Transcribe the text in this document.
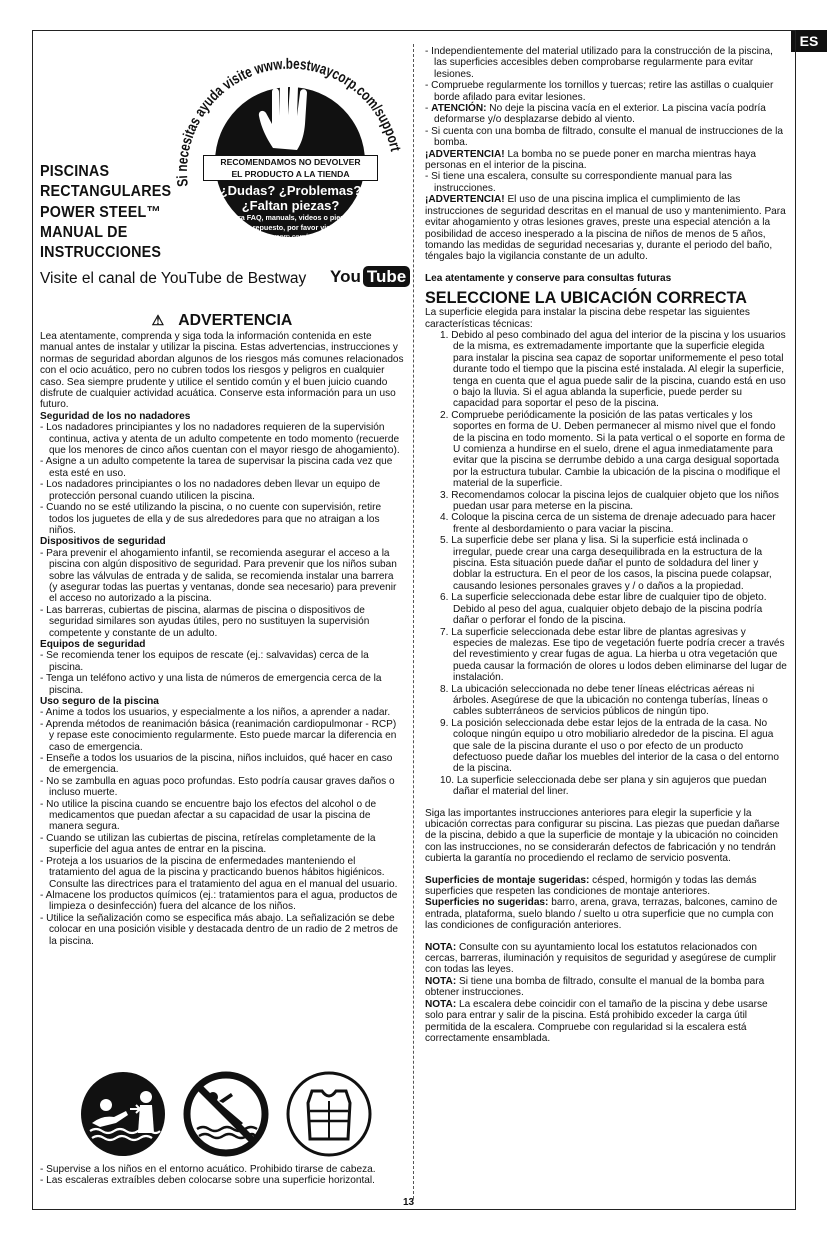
ES
PISCINAS
RECTANGULARES
POWER STEEL™
MANUAL DE
INSTRUCCIONES
Si necesitas ayuda visite www.bestwaycorp.com/support
RECOMENDAMOS NO DEVOLVER
EL PRODUCTO A LA TIENDA
¿Dudas? ¿Problemas?
¿Faltan piezas?
Para FAQ, manuals, videos o piezas
de repuesto, por favor visita
bestwaycorp.com/support
Visite el canal de YouTube de Bestway You Tube
⚠ ADVERTENCIA

Lea atentamente, comprenda y siga toda la información contenida en este manual antes de instalar y utilizar la piscina. Estas advertencias, instrucciones y normas de seguridad abordan algunos de los riesgos más comunes relacionados con el ocio acuático, pero no cubren todos los riesgos y peligros en cualquier caso. Sea siempre prudente y utilice el sentido común y el buen juicio cuando disfrute de cualquier actividad acuática. Conserve esta información para un uso futuro.

Seguridad de los no nadadores

- Los nadadores principiantes y los no nadadores requieren de la supervisión continua, activa y atenta de un adulto competente en todo momento (recuerde que los menores de cinco años cuentan con el mayor riesgo de ahogamiento).

- Asigne a un adulto competente la tarea de supervisar la piscina cada vez que esta esté en uso.

- Los nadadores principiantes o los no nadadores deben llevar un equipo de protección personal cuando utilicen la piscina.

- Cuando no se esté utilizando la piscina, o no cuente con supervisión, retire todos los juguetes de ella y de sus alrededores para que no atraigan a los niños.

Dispositivos de seguridad

- Para prevenir el ahogamiento infantil, se recomienda asegurar el acceso a la piscina con algún dispositivo de seguridad. Para prevenir que los niños suban sobre las válvulas de entrada y de salida, se recomienda instalar una barrera (y asegurar todas las puertas y ventanas, donde sea necesario) para prevenir el acceso no autorizado a la piscina.

- Las barreras, cubiertas de piscina, alarmas de piscina o dispositivos de seguridad similares son ayudas útiles, pero no sustituyen la supervisión competente y constante de un adulto.

Equipos de seguridad

- Se recomienda tener los equipos de rescate (ej.: salvavidas) cerca de la piscina.

- Tenga un teléfono activo y una lista de números de emergencia cerca de la piscina.

Uso seguro de la piscina

- Anime a todos los usuarios, y especialmente a los niños, a aprender a nadar.

- Aprenda métodos de reanimación básica (reanimación cardiopulmonar - RCP) y repase este conocimiento regularmente. Esto puede marcar la diferencia en caso de emergencia.

- Enseñe a todos los usuarios de la piscina, niños incluidos, qué hacer en caso de emergencia.

- No se zambulla en aguas poco profundas. Esto podría causar graves daños o incluso muerte.

- No utilice la piscina cuando se encuentre bajo los efectos del alcohol o de medicamentos que puedan afectar a su capacidad de usar la piscina de manera segura.

- Cuando se utilizan las cubiertas de piscina, retírelas completamente de la superficie del agua antes de entrar en la piscina.

- Proteja a los usuarios de la piscina de enfermedades manteniendo el tratamiento del agua de la piscina y practicando buenos hábitos higiénicos. Consulte las directrices para el tratamiento del agua en el manual del usuario.

- Almacene los productos químicos (ej.: tratamientos para el agua, productos de limpieza o desinfección) fuera del alcance de los niños.

- Utilice la señalización como se especifica más abajo. La señalización se debe colocar en una posición visible y destacada dentro de un radio de 2 metros de la piscina.

- Supervise a los niños en el entorno acuático. Prohibido tirarse de cabeza.

- Las escaleras extraíbles deben colocarse sobre una superficie horizontal.

- Independientemente del material utilizado para la construcción de la piscina, las superficies accesibles deben comprobarse regularmente para evitar lesiones.

- Compruebe regularmente los tornillos y tuercas; retire las astillas o cualquier borde afilado para evitar lesiones.

- ATENCIÓN: No deje la piscina vacía en el exterior. La piscina vacía podría deformarse y/o desplazarse debido al viento.

- Si cuenta con una bomba de filtrado, consulte el manual de instrucciones de la bomba.

¡ADVERTENCIA! La bomba no se puede poner en marcha mientras haya personas en el interior de la piscina.

- Si tiene una escalera, consulte su correspondiente manual para las instrucciones.

¡ADVERTENCIA! El uso de una piscina implica el cumplimiento de las instrucciones de seguridad descritas en el manual de uso y mantenimiento. Para evitar ahogamiento y otras lesiones graves, preste una especial atención a la posibilidad de acceso inesperado a la piscina de niños de menos de 5 años, tomando las medidas de seguridad necesarias y, durante el periodo del baño, téngales bajo la vigilancia constante de un adulto.

Lea atentamente y conserve para consultas futuras

SELECCIONE LA UBICACIÓN CORRECTA

La superficie elegida para instalar la piscina debe respetar las siguientes características técnicas:

1. Debido al peso combinado del agua del interior de la piscina y los usuarios de la misma, es extremadamente importante que la superficie elegida para instalar la piscina sea capaz de soportar uniformemente el peso total durante todo el tiempo que la piscina esté instalada. Al elegir la superficie, tenga en cuenta que el agua puede salir de la piscina, cuando está en uso o bajo la lluvia. Si el agua ablanda la superficie, puede perder su capacidad para soportar el peso de la piscina.

2. Compruebe periódicamente la posición de las patas verticales y los soportes en forma de U. Deben permanecer al mismo nivel que el fondo de la piscina en todo momento. Si la pata vertical o el soporte en forma de U comienza a hundirse en el suelo, drene el agua inmediatamente para evitar que la piscina se derrumbe debido a una carga desigual soportada por la estructura tubular. Cambie la ubicación de la piscina o modifique el material de la superficie.

3. Recomendamos colocar la piscina lejos de cualquier objeto que los niños puedan usar para meterse en la piscina.

4. Coloque la piscina cerca de un sistema de drenaje adecuado para hacer frente al desbordamiento o para vaciar la piscina.

5. La superficie debe ser plana y lisa. Si la superficie está inclinada o irregular, puede crear una carga desequilibrada en la estructura de la piscina. Esta situación puede dañar el punto de soldadura del liner y doblar la estructura. En el peor de los casos, la piscina puede colapsar, causando lesiones personales graves y / o daños a la propiedad.

6. La superficie seleccionada debe estar libre de cualquier tipo de objeto. Debido al peso del agua, cualquier objeto debajo de la piscina podría dañar o perforar el fondo de la piscina.

7. La superficie seleccionada debe estar libre de plantas agresivas y especies de malezas. Ese tipo de vegetación fuerte podría crecer a través del revestimiento y crear fugas de agua. La hierba u otra vegetación que pueda causar la formación de olores u lodos deben eliminarse del lugar de instalación.

8. La ubicación seleccionada no debe tener líneas eléctricas aéreas ni árboles. Asegúrese de que la ubicación no contenga tuberías, líneas o cables subterráneos de servicios públicos de ningún tipo.

9. La posición seleccionada debe estar lejos de la entrada de la casa. No coloque ningún equipo u otro mobiliario alrededor de la piscina. El agua que sale de la piscina durante el uso o por efecto de un producto defectuoso puede dañar los muebles del interior de la casa o del entorno de la piscina.

10. La superficie seleccionada debe ser plana y sin agujeros que puedan dañar el material del liner.

Siga las importantes instrucciones anteriores para elegir la superficie y la ubicación correctas para configurar su piscina. Las piezas que puedan dañarse de la piscina, debido a que la superficie de montaje y la ubicación no coinciden con las instrucciones, no se considerarán defectos de fabricación y no tendrán cubierta la garantía no procediendo el reclamo de servicio posventa.

Superficies de montaje sugeridas: césped, hormigón y todas las demás superficies que respeten las condiciones de montaje anteriores.

Superficies no sugeridas: barro, arena, grava, terrazas, balcones, camino de entrada, plataforma, suelo blando / suelto u otra superficie que no cumpla con las condiciones de configuración anteriores.

NOTA: Consulte con su ayuntamiento local los estatutos relacionados con cercas, barreras, iluminación y requisitos de seguridad y asegúrese de cumplir con todas las leyes.

NOTA: Si tiene una bomba de filtrado, consulte el manual de la bomba para obtener instrucciones.

NOTA: La escalera debe coincidir con el tamaño de la piscina y debe usarse solo para entrar y salir de la piscina. Está prohibido exceder la carga útil permitida de la escalera. Compruebe con regularidad si la escalera está correctamente ensamblada.

13
